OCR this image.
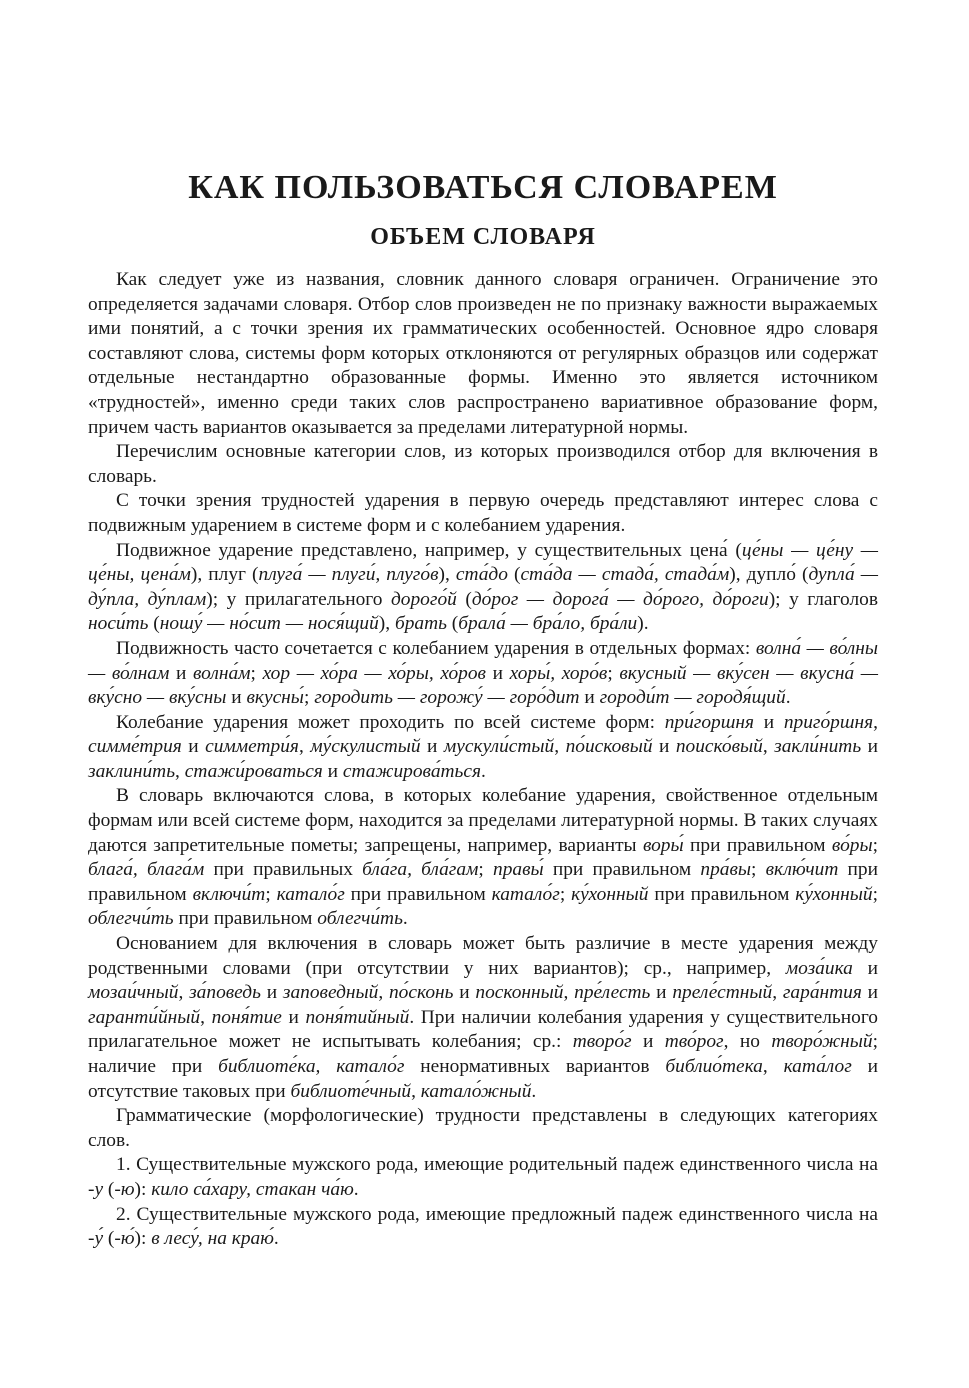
КАК ПОЛЬЗОВАТЬСЯ СЛОВАРЕМ
ОБЪЕМ СЛОВАРЯ

Как следует уже из названия, словник данного словаря ограничен. Ограничение это определяется задачами словаря. Отбор слов произведен не по признаку важности выражаемых ими понятий, а с точки зрения их грамматических особенностей. Основное ядро словаря составляют слова, системы форм которых отклоняются от регулярных образцов или содержат отдельные нестандартно образованные формы. Именно это является источником «трудностей», именно среди таких слов распространено вариативное образование форм, причем часть вариантов оказывается за пределами литературной нормы.

Перечислим основные категории слов, из которых производился отбор для включения в словарь.

С точки зрения трудностей ударения в первую очередь представляют интерес слова с подвижным ударением в системе форм и с колебанием ударения.

Подвижное ударение представлено, например, у существительных цена́ (це́ны — це́ну — це́ны, цена́м), плуг (плуга́ — плуги́, плуго́в), ста́до (ста́да — стада́, стада́м), дупло́ (дупла́ — ду́пла, ду́плам); у прилагательного дорого́й (до́рог — дорога́ — до́рого, до́роги); у глаголов носи́ть (ношу́ — но́сит — нося́щий), брать (брала́ — бра́ло, бра́ли).

Подвижность часто сочетается с колебанием ударения в отдельных формах: волна́ — во́лны — во́лнам и волна́м; хор — хо́ра — хо́ры, хо́ров и хоры́, хоро́в; вкусный — вку́сен — вкусна́ — вку́сно — вку́сны и вкусны́; городить — горожу́ — горо́дит и городи́т — городя́щий.

Колебание ударения может проходить по всей системе форм: при́горшня и приго́ршня, симме́трия и симметри́я, му́скулистый и мускули́стый, по́исковый и поиско́вый, закли́нить и заклини́ть, стажи́роваться и стажирова́ться.

В словарь включаются слова, в которых колебание ударения, свойственное отдельным формам или всей системе форм, находится за пределами литературной нормы. В таких случаях даются запретительные пометы; запрещены, например, варианты воры́ при правильном во́ры; блага́, блага́м при правильных бла́га, бла́гам; правы́ при правильном пра́вы; вклю́чит при правильном включи́т; катало́г при правильном катало́г; ку́хонный при правильном ку́хонный; облегчи́ть при правильном облегчи́ть.

Основанием для включения в словарь может быть различие в месте ударения между родственными словами (при отсутствии у них вариантов); ср., например, моза́ика и мозаи́чный, за́поведь и заповедный, по́сконь и посконный, пре́лесть и преле́стный, гара́нтия и гаранти́йный, поня́тие и поня́тийный. При наличии колебания ударения у существительного прилагательное может не испытывать колебания; ср.: творо́г и тво́рог, но творо́жный; наличие при библиоте́ка, катало́г ненормативных вариантов библио́тека, ката́лог и отсутствие таковых при библиоте́чный, катало́жный.

Грамматические (морфологические) трудности представлены в следующих категориях слов.

1. Существительные мужского рода, имеющие родительный падеж единственного числа на -у (-ю): кило са́хару, стакан ча́ю.

2. Существительные мужского рода, имеющие предложный падеж единственного числа на -у́ (-ю́): в лесу́, на краю́.
